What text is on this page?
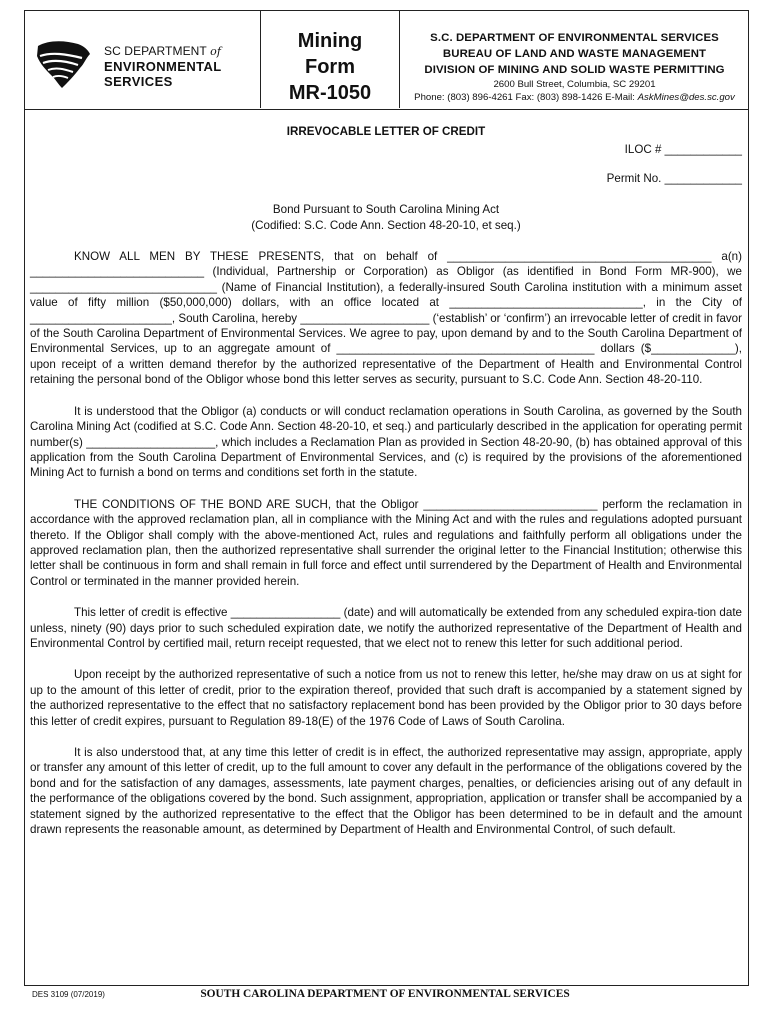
SC DEPARTMENT of
ENVIRONMENTAL
SERVICES
Mining
Form
MR-1050
S.C. DEPARTMENT OF ENVIRONMENTAL SERVICES
BUREAU OF LAND AND WASTE MANAGEMENT
DIVISION OF MINING AND SOLID WASTE PERMITTING
2600 Bull Street, Columbia, SC 29201
Phone: (803) 896-4261 Fax: (803) 898-1426 E-Mail: AskMines@des.sc.gov

IRREVOCABLE LETTER OF CREDIT

ILOC # ____________

Permit No. ____________

Bond Pursuant to South Carolina Mining Act

(Codified: S.C. Code Ann. Section 48-20-10, et seq.)

KNOW ALL MEN BY THESE PRESENTS, that on behalf of _________________________________________ a(n) ___________________________ (Individual, Partnership or Corporation) as Obligor (as identified in Bond Form MR-900), we _____________________________ (Name of Financial Institution), a federally-insured South Carolina institution with a minimum asset value of fifty million ($50,000,000) dollars, with an office located at ______________________________, in the City of ______________________, South Carolina, hereby ____________________ (‘establish’ or ‘confirm’) an irrevocable letter of credit in favor of the South Carolina Department of Environmental Services. We agree to pay, upon demand by and to the South Carolina Department of Environmental Services, up to an aggregate amount of ________________________________________ dollars ($_____________), upon receipt of a written demand therefor by the authorized representative of the Department of Health and Environmental Control retaining the personal bond of the Obligor whose bond this letter serves as security, pursuant to S.C. Code Ann. Section 48-20-110.

It is understood that the Obligor (a) conducts or will conduct reclamation operations in South Carolina, as governed by the South Carolina Mining Act (codified at S.C. Code Ann. Section 48-20-10, et seq.) and particularly described in the application for operating permit number(s) ____________________, which includes a Reclamation Plan as provided in Section 48-20-90, (b) has obtained approval of this application from the South Carolina Department of Environmental Services, and (c) is required by the provisions of the aforementioned Mining Act to furnish a bond on terms and conditions set forth in the statute.

THE CONDITIONS OF THE BOND ARE SUCH, that the Obligor ___________________________ perform the reclamation in accordance with the approved reclamation plan, all in compliance with the Mining Act and with the rules and regulations adopted pursuant thereto. If the Obligor shall comply with the above-mentioned Act, rules and regulations and faithfully perform all obligations under the approved reclamation plan, then the authorized representative shall surrender the original letter to the Financial Institution; otherwise this letter shall be continuous in form and shall remain in full force and effect until surrendered by the Department of Health and Environmental Control or terminated in the manner provided herein.

This letter of credit is effective _________________ (date) and will automatically be extended from any scheduled expira-tion date unless, ninety (90) days prior to such scheduled expiration date, we notify the authorized representative of the Department of Health and Environmental Control by certified mail, return receipt requested, that we elect not to renew this letter for such additional period.

Upon receipt by the authorized representative of such a notice from us not to renew this letter, he/she may draw on us at sight for up to the amount of this letter of credit, prior to the expiration thereof, provided that such draft is accompanied by a statement signed by the authorized representative to the effect that no satisfactory replacement bond has been provided by the Obligor prior to 30 days before this letter of credit expires, pursuant to Regulation 89-18(E) of the 1976 Code of Laws of South Carolina.

It is also understood that, at any time this letter of credit is in effect, the authorized representative may assign, appropriate, apply or transfer any amount of this letter of credit, up to the full amount to cover any default in the performance of the obligations covered by the bond and for the satisfaction of any damages, assessments, late payment charges, penalties, or deficiencies arising out of any default in the performance of the obligations covered by the bond. Such assignment, appropriation, application or transfer shall be accompanied by a statement signed by the authorized representative to the effect that the Obligor has been determined to be in default and the amount drawn represents the reasonable amount, as determined by Department of Health and Environmental Control, of such default.

DES 3109 (07/2019)	SOUTH CAROLINA DEPARTMENT OF ENVIRONMENTAL SERVICES
